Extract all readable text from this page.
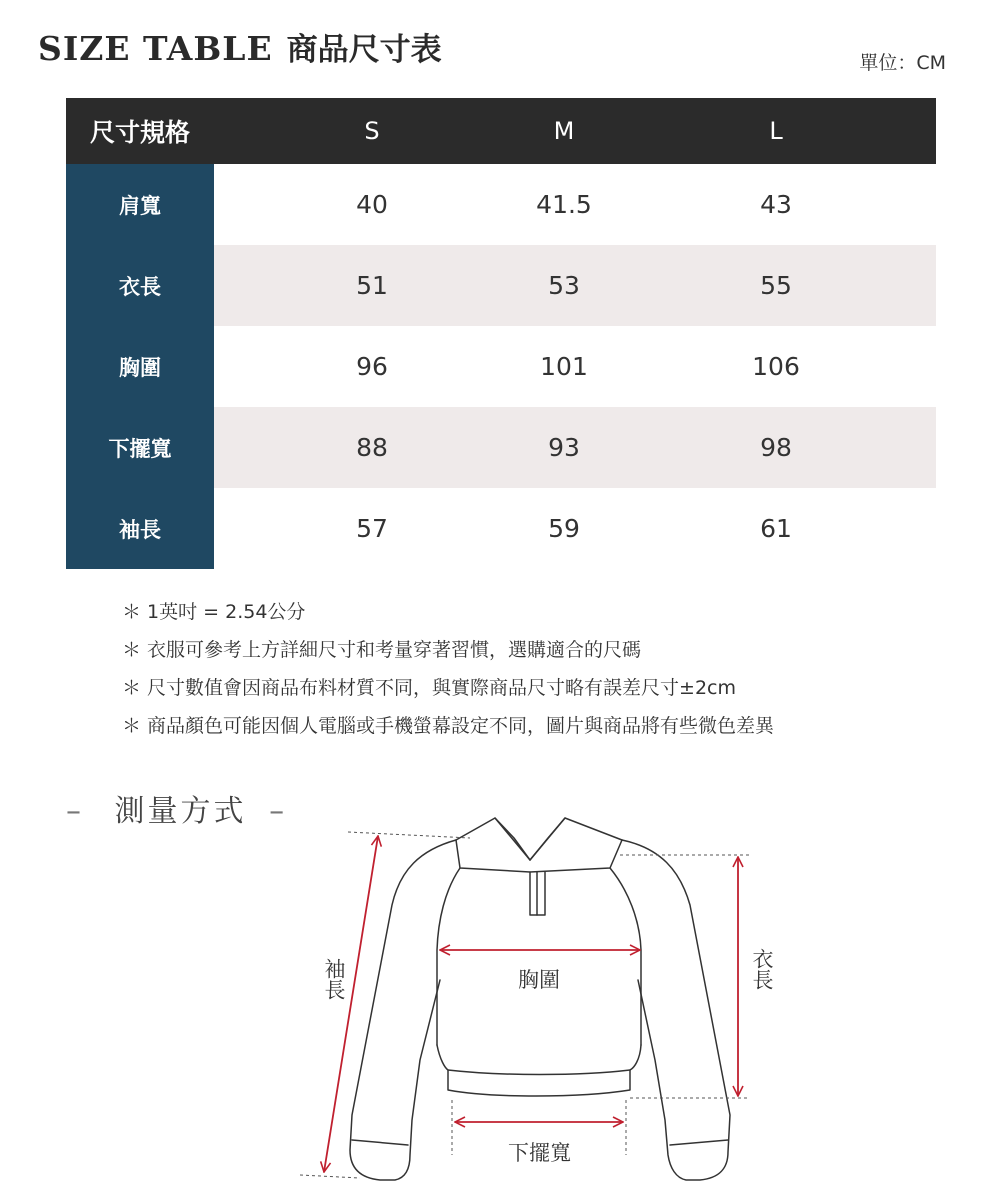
SIZE TABLE 商品尺寸表	單位：CM
尺寸規格	S	M	L
肩寬	40	41.5	43
衣長	51	53	55
胸圍	96	101	106
下擺寬	88	93	98
袖長	57	59	61
＊ 1英吋 = 2.54公分
＊ 衣服可參考上方詳細尺寸和考量穿著習慣，選購適合的尺碼
＊ 尺寸數值會因商品布料材質不同，與實際商品尺寸略有誤差尺寸±2cm
＊ 商品顏色可能因個人電腦或手機螢幕設定不同，圖片與商品將有些微色差異
– 測量方式 –
袖長	胸圍	衣長
下擺寬
